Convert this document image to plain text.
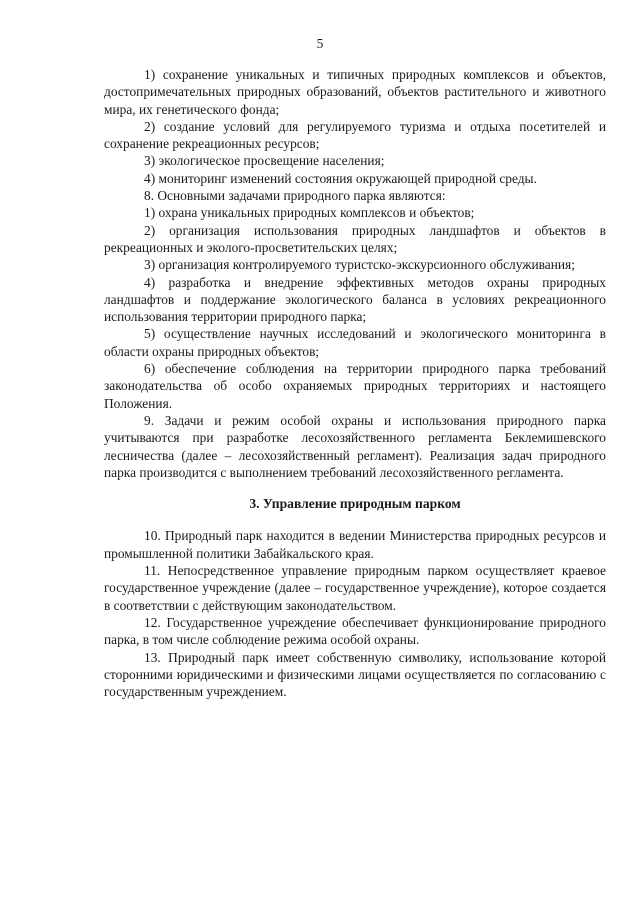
5

1) сохранение уникальных и типичных природных комплексов и объектов, достопримечательных природных образований, объектов растительного и животного мира, их генетического фонда;

2) создание условий для регулируемого туризма и отдыха посетителей и сохранение рекреационных ресурсов;

3) экологическое просвещение населения;

4) мониторинг изменений состояния окружающей природной среды.

8. Основными задачами природного парка являются:

1) охрана уникальных природных комплексов и объектов;

2) организация использования природных ландшафтов и объектов в рекреационных и эколого-просветительских целях;

3) организация контролируемого туристско-экскурсионного обслуживания;

4) разработка и внедрение эффективных методов охраны природных ландшафтов и поддержание экологического баланса в условиях рекреационного использования территории природного парка;

5) осуществление научных исследований и экологического мониторинга в области охраны природных объектов;

6) обеспечение соблюдения на территории природного парка требований законодательства об особо охраняемых природных территориях и настоящего Положения.

9. Задачи и режим особой охраны и использования природного парка учитываются при разработке лесохозяйственного регламента Беклемишевского лесничества (далее – лесохозяйственный регламент). Реализация задач природного парка производится с выполнением требований лесохозяйственного регламента.

3. Управление природным парком

10. Природный парк находится в ведении Министерства природных ресурсов и промышленной политики Забайкальского края.

11. Непосредственное управление природным парком осуществляет краевое государственное учреждение (далее – государственное учреждение), которое создается в соответствии с действующим законодательством.

12. Государственное учреждение обеспечивает функционирование природного парка, в том числе соблюдение режима особой охраны.

13. Природный парк имеет собственную символику, использование которой сторонними юридическими и физическими лицами осуществляется по согласованию с государственным учреждением.
